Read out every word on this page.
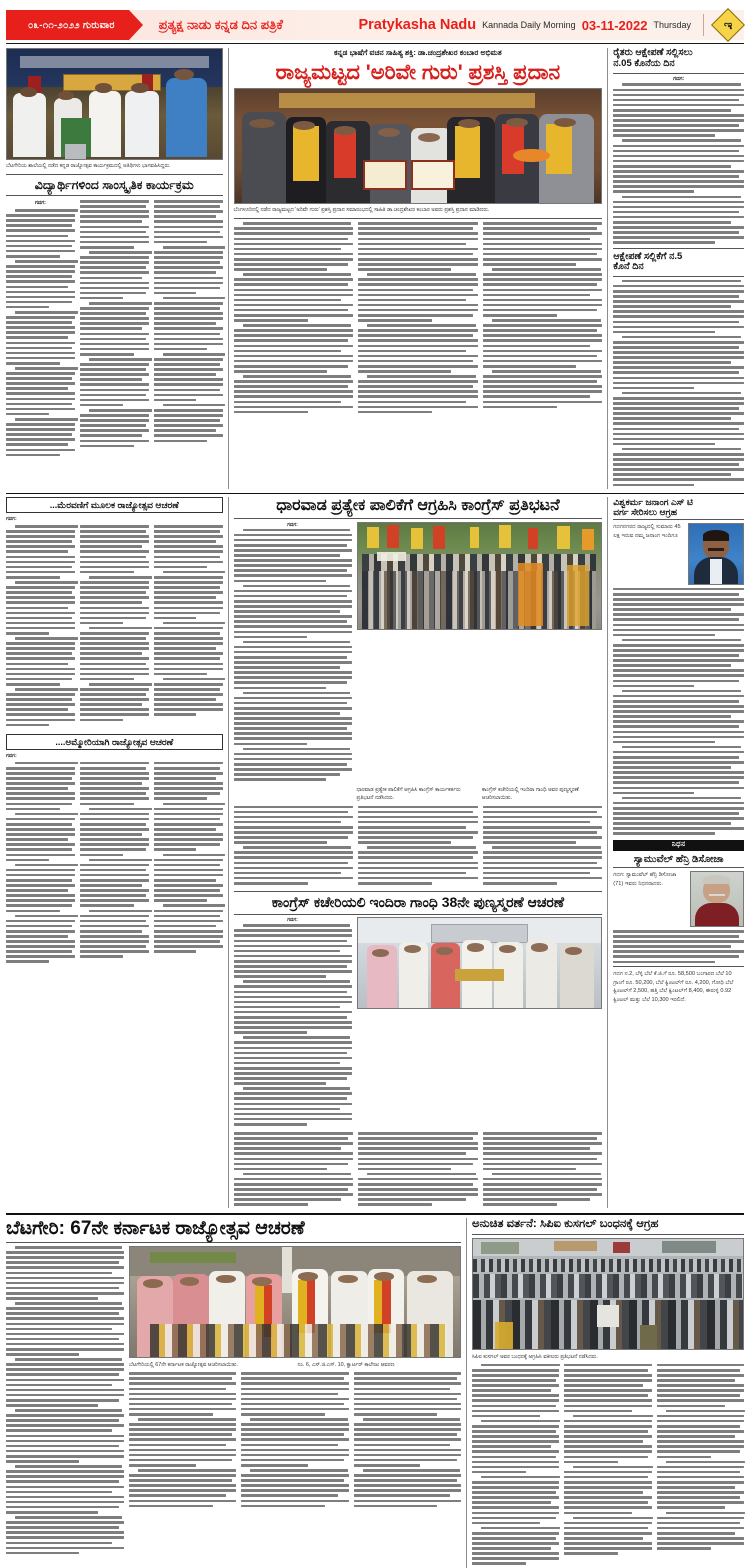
೦೩-೧೧-೨೦೨೨ ಗುರುವಾರ	ಪ್ರತ್ಯಕ್ಷ ನಾಡು ಕನ್ನಡ ದಿನ ಪತ್ರಿಕೆ	Pratykasha Nadu Kannada Daily Morning 03-11-2022 Thursday	ಇ
ಬೆಟಗೇರಿಯ ಶಾಲೆಯಲ್ಲಿ ನಡೆದ ಕನ್ನಡ ರಾಜ್ಯೋತ್ಸವ ಕಾರ್ಯಕ್ರಮದಲ್ಲಿ ಅತಿಥಿಗಳು ಭಾಗವಹಿಸಿದ್ದರು.
ವಿದ್ಯಾರ್ಥಿಗಳಿಂದ ಸಾಂಸ್ಕೃತಿಕ ಕಾರ್ಯಕ್ರಮ
ಗದಗ:
ಕನ್ನಡ ಭಾಷೆಗೆ ವಚನ ಸಾಹಿತ್ಯ ಶಕ್ತಿ: ಡಾ.ಚಂದ್ರಶೇಖರ ಕಂಬಾರ ಅಭಿಮತ
ರಾಜ್ಯಮಟ್ಟದ 'ಅರಿವೇ ಗುರು' ಪ್ರಶಸ್ತಿ ಪ್ರದಾನ
ಬೆಂಗಳೂರಿನಲ್ಲಿ ನಡೆದ ರಾಜ್ಯಮಟ್ಟದ 'ಅರಿವೇ ಗುರು' ಪ್ರಶಸ್ತಿ ಪ್ರದಾನ ಸಮಾರಂಭದಲ್ಲಿ ಸಾಹಿತಿ ಡಾ.ಚಂದ್ರಶೇಖರ ಕಂಬಾರ ಅವರು ಪ್ರಶಸ್ತಿ ಪ್ರದಾನ ಮಾಡಿದರು.
ರೈತರು ಆಕ್ಷೇಪಣೆ ಸಲ್ಲಿಸಲು
ನ.05 ಕೊನೆಯ ದಿನ
ಗದಗ:
ಆಕ್ಷೇಪಣೆ ಸಲ್ಲಿಕೆಗೆ ನ.5
ಕೊನೆ ದಿನ
...ಮೆರವಣಿಗೆ ಮೂಲಕ ರಾಜ್ಯೋತ್ಸವ ಆಚರಣೆ
ಗದಗ:
....ಅಮ್ಮೋರಿಯಾಗಿ ರಾಜ್ಯೋತ್ಸವ ಆಚರಣೆ
ಗದಗ:
ಧಾರವಾಡ ಪ್ರತ್ಯೇಕ ಪಾಲಿಕೆಗೆ ಆಗ್ರಹಿಸಿ ಕಾಂಗ್ರೆಸ್ ಪ್ರತಿಭಟನೆ
ಗದಗ:
ಧಾರವಾಡ ಪ್ರತ್ಯೇಕ ಪಾಲಿಕೆಗೆ ಆಗ್ರಹಿಸಿ ಕಾಂಗ್ರೆಸ್ ಕಾರ್ಯಕರ್ತರು ಪ್ರತಿಭಟನೆ ನಡೆಸಿದರು.
ಕಾಂಗ್ರೆಸ್ ಕಚೇರಿಯಲ್ಲಿ ಇಂದಿರಾ ಗಾಂಧಿ ಅವರ ಪುಣ್ಯಸ್ಮರಣೆ ಆಚರಿಸಲಾಯಿತು.
ಕಾಂಗ್ರೆಸ್ ಕಚೇರಿಯಲಿ ಇಂದಿರಾ ಗಾಂಧಿ 38ನೇ ಪುಣ್ಯಸ್ಮರಣೆ ಆಚರಣೆ
ಗದಗ:
ವಿಶ್ವಕರ್ಮ ಜನಾಂಗ ಎಸ್ ಟಿ
ವರ್ಗ ಸೇರಿಸಲು ಆಗ್ರಹ
ಗದಗನಗರದ ರಾಜ್ಯದಲ್ಲಿ ಸುಮಾರು 45 ಲಕ್ಷ ಇರುವ ನಮ್ಮ ಜನಾಂಗ ಇಂದಿಗೂ
ನಿಧನ
ಸ್ಯಾಮುವೆಲ್ ಹೆನ್ರಿ ಡಿಸೋಜಾ
ಗದಗ: ಸ್ಯಾಮುವೆಲ್ ಹೆನ್ರಿ ಡಿಸೋಜಾ (71) ಇವರು ನಿಧನರಾದರು.
ಗದಗ ನ.2, ಬೆಳ್ಳಿ ಬೆಲೆ ಕೆ.ಜಿ.ಗೆ ರೂ. 58,500 ಬಂಗಾರದ ಬೆಲೆ 10 ಗ್ರಾಂಗೆ ರೂ. 50,200, ಬೆಲೆ ಕ್ವಿಂಟಲ್‌ಗೆ ರೂ. 4,200, ಗೋಧಿ ಬೆಲೆ ಕ್ವಿಂಟಲ್‌ಗೆ 2,500, ಹತ್ತಿ ಬೆಲೆ ಕ್ವಿಂಟಲ್‌ಗೆ 8,400, ಈರುಳ್ಳಿ 0.92 ಕ್ವಿಂಟಲ್ ಮತ್ತು ಬೆಲೆ 10,300 ಇರಲಿದೆ.
ಬೆಟಗೇರಿ: 67ನೇ ಕರ್ನಾಟಕ ರಾಜ್ಯೋತ್ಸವ ಆಚರಣೆ
ಬೆಟಗೇರಿಯಲ್ಲಿ 67ನೇ ಕರ್ನಾಟಕ ರಾಜ್ಯೋತ್ಸವ ಆಚರಿಸಲಾಯಿತು.	ನಂ. 6, ಎಸ್.ಜಿ.ಎಸ್. 10, ಕ್ವಾರ್ಟರ್ ಕಾಲೇಜು ಆವರಣ
ಅನುಚಿತ ವರ್ತನೆ: ಸಿಪಿಐ ಕುಸಗಲ್ ಬಂಧನಕ್ಕೆ ಆಗ್ರಹ
ಸಿಪಿಐ ಕುಸಗಲ್ ಅವರ ಬಂಧನಕ್ಕೆ ಆಗ್ರಹಿಸಿ ವಕೀಲರು ಪ್ರತಿಭಟನೆ ನಡೆಸಿದರು.
